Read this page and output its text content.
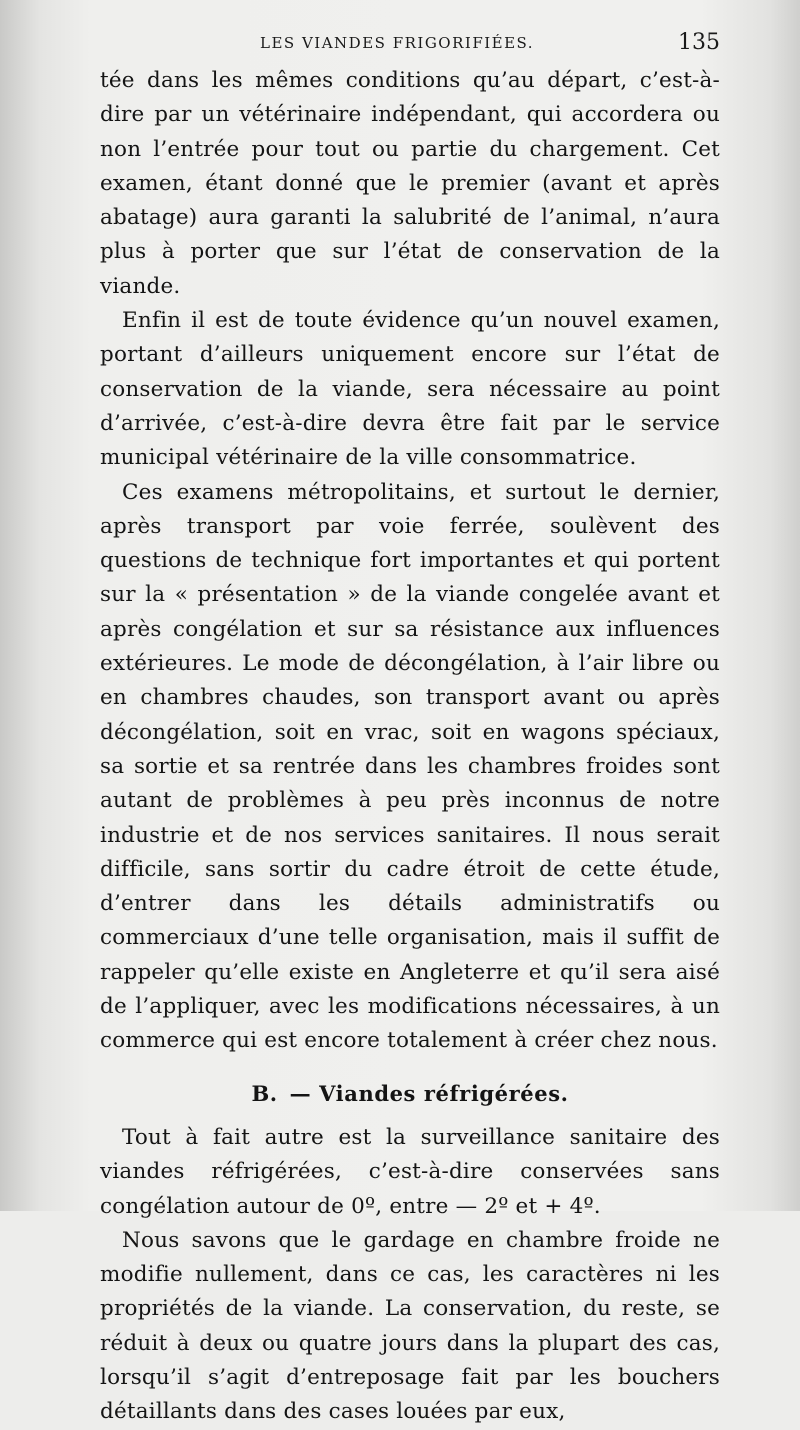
LES VIANDES FRIGORIFIÉES.	135

tée dans les mêmes conditions qu’au départ, c’est-à-dire par un vétérinaire indépendant, qui accordera ou non l’entrée pour tout ou partie du chargement. Cet examen, étant donné que le premier (avant et après abatage) aura garanti la salubrité de l’animal, n’aura plus à porter que sur l’état de conservation de la viande.

Enfin il est de toute évidence qu’un nouvel examen, portant d’ailleurs uniquement encore sur l’état de conservation de la viande, sera nécessaire au point d’arrivée, c’est-à-dire devra être fait par le service municipal vétérinaire de la ville consommatrice.

Ces examens métropolitains, et surtout le dernier, après transport par voie ferrée, soulèvent des questions de technique fort importantes et qui portent sur la « présentation » de la viande congelée avant et après congélation et sur sa résistance aux influences extérieures. Le mode de décongélation, à l’air libre ou en chambres chaudes, son transport avant ou après décongélation, soit en vrac, soit en wagons spéciaux, sa sortie et sa rentrée dans les chambres froides sont autant de problèmes à peu près inconnus de notre industrie et de nos services sanitaires. Il nous serait difficile, sans sortir du cadre étroit de cette étude, d’entrer dans les détails administratifs ou commerciaux d’une telle organisation, mais il suffit de rappeler qu’elle existe en Angleterre et qu’il sera aisé de l’appliquer, avec les modifications nécessaires, à un commerce qui est encore totalement à créer chez nous.

B. — Viandes réfrigérées.

Tout à fait autre est la surveillance sanitaire des viandes réfrigérées, c’est-à-dire conservées sans congélation autour de 0º, entre — 2º et + 4º.

Nous savons que le gardage en chambre froide ne modifie nullement, dans ce cas, les caractères ni les propriétés de la viande. La conservation, du reste, se réduit à deux ou quatre jours dans la plupart des cas, lorsqu’il s’agit d’entreposage fait par les bouchers détaillants dans des cases louées par eux,
